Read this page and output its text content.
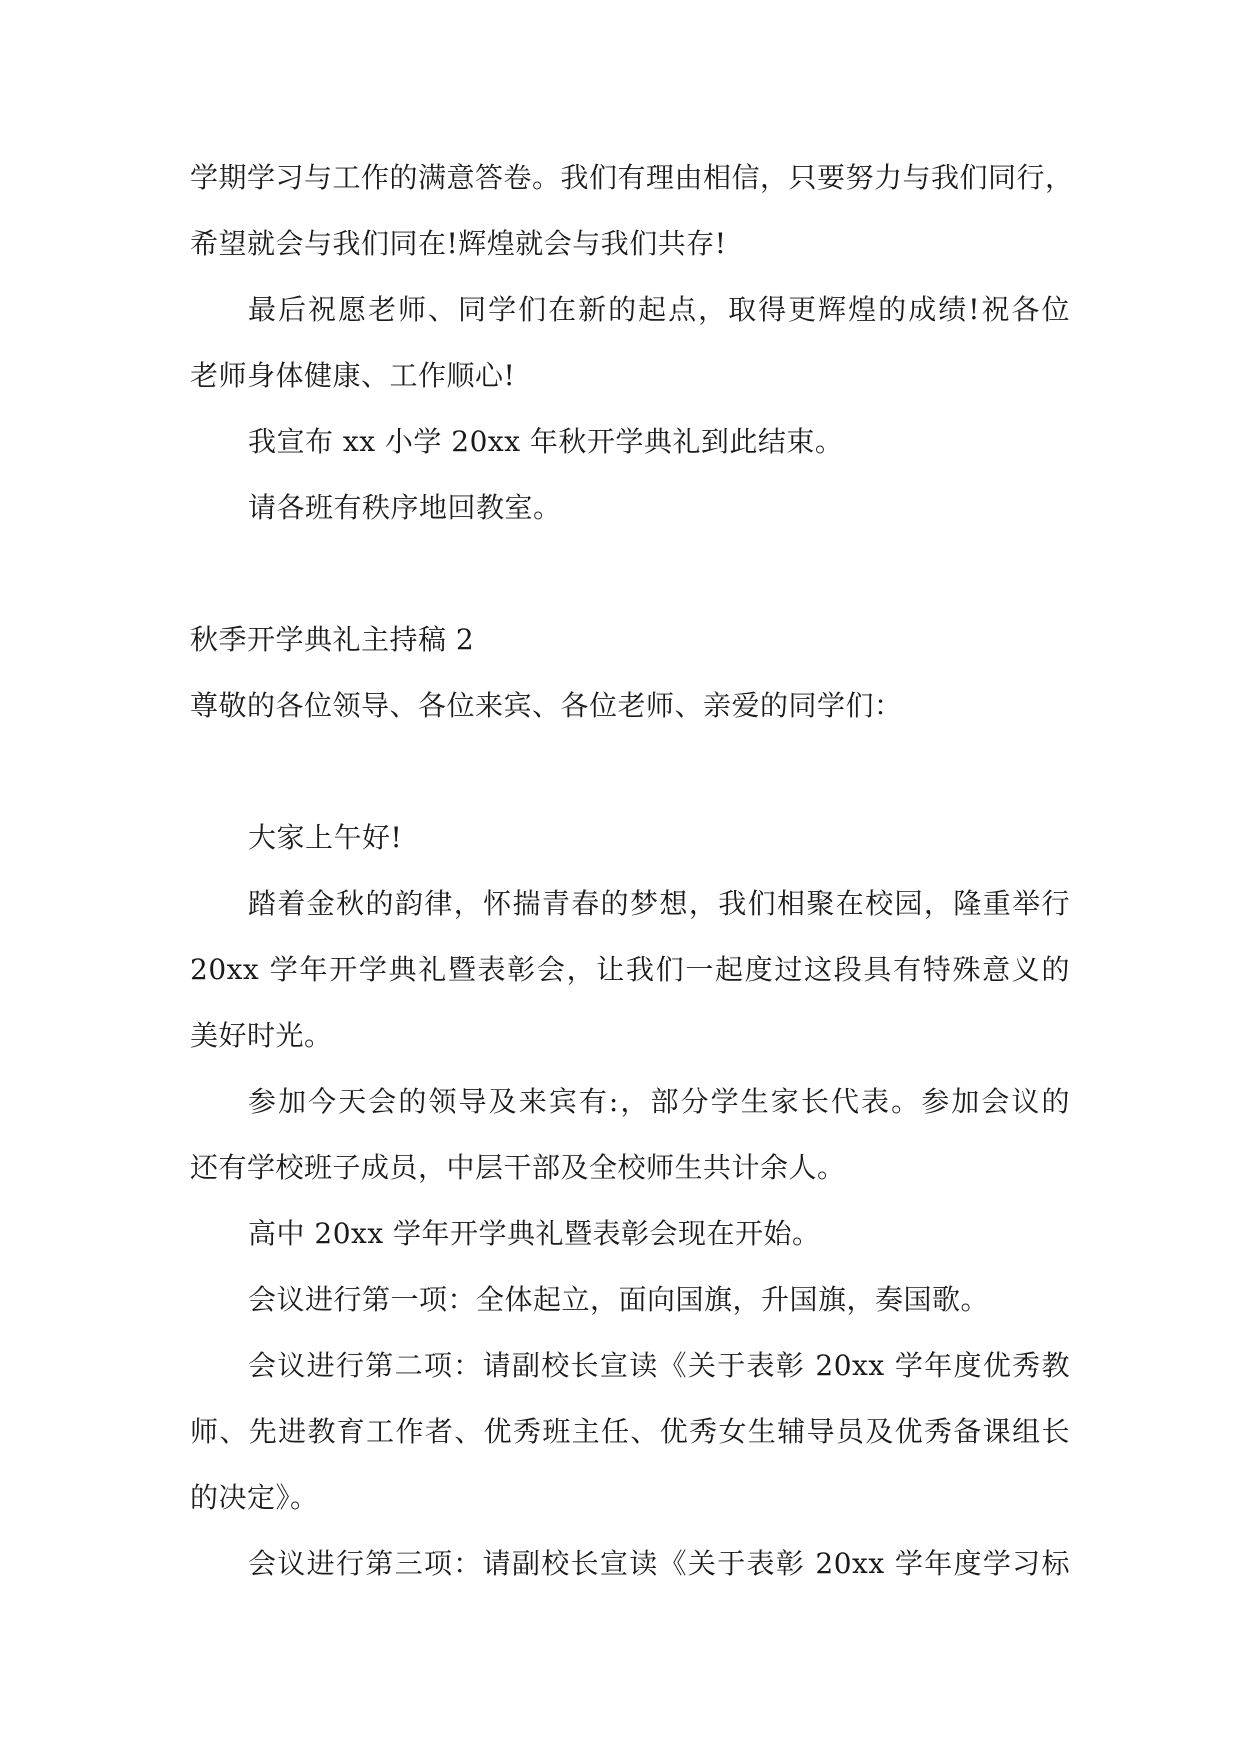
学期学习与工作的满意答卷。我们有理由相信，只要努力与我们同行，
希望就会与我们同在!辉煌就会与我们共存!
最后祝愿老师、同学们在新的起点，取得更辉煌的成绩!祝各位
老师身体健康、工作顺心!
我宣布 xx 小学 20xx 年秋开学典礼到此结束。
请各班有秩序地回教室。
秋季开学典礼主持稿 2
尊敬的各位领导、各位来宾、各位老师、亲爱的同学们：
大家上午好!
踏着金秋的韵律，怀揣青春的梦想，我们相聚在校园，隆重举行
20xx 学年开学典礼暨表彰会，让我们一起度过这段具有特殊意义的
美好时光。
参加今天会的领导及来宾有:，部分学生家长代表。参加会议的
还有学校班子成员，中层干部及全校师生共计余人。
高中 20xx 学年开学典礼暨表彰会现在开始。
会议进行第一项：全体起立，面向国旗，升国旗，奏国歌。
会议进行第二项：请副校长宣读《关于表彰 20xx 学年度优秀教
师、先进教育工作者、优秀班主任、优秀女生辅导员及优秀备课组长
的决定》。
会议进行第三项：请副校长宣读《关于表彰 20xx 学年度学习标
